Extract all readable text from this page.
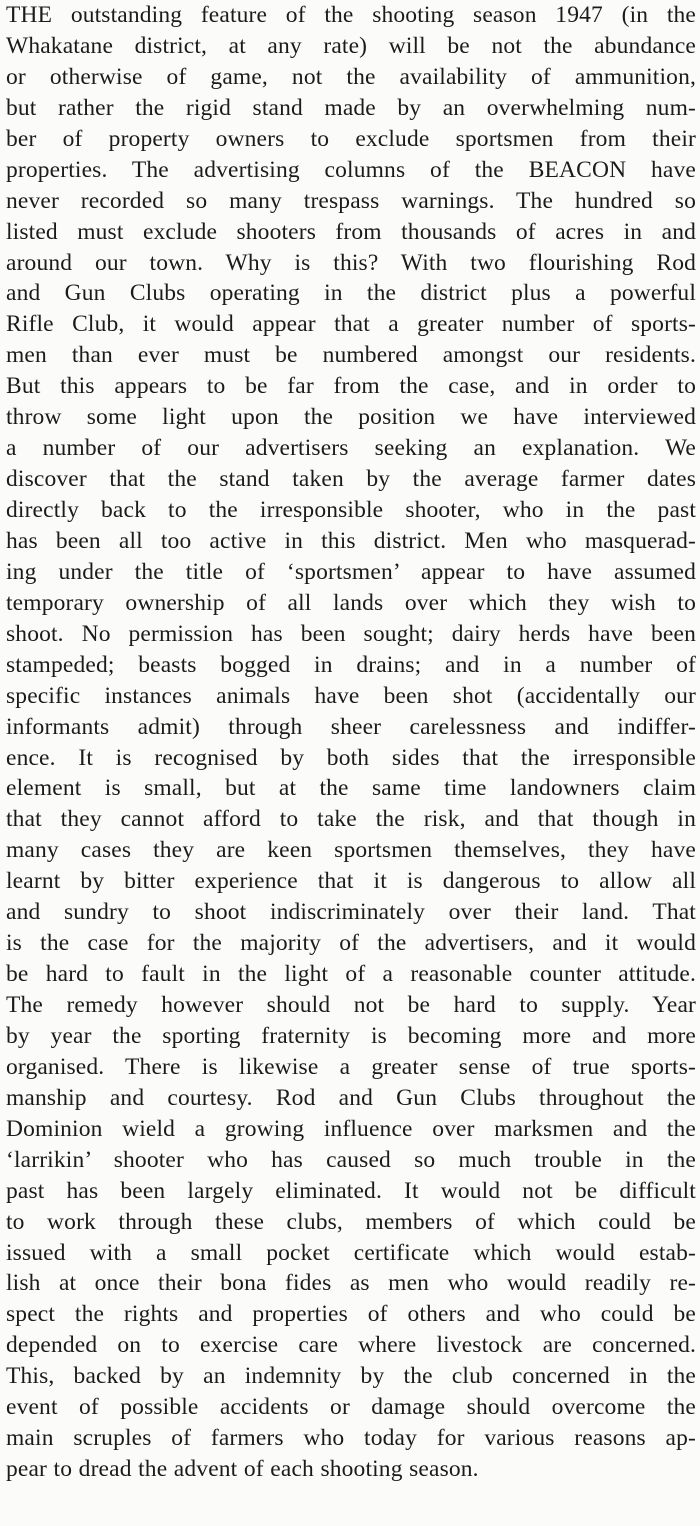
THE outstanding feature of the shooting season 1947 (in the
Whakatane district, at any rate) will be not the abundance
or otherwise of game, not the availability of ammunition,
but rather the rigid stand made by an overwhelming num-
ber of property owners to exclude sportsmen from their
properties. The advertising columns of the BEACON have
never recorded so many trespass warnings. The hundred so
listed must exclude shooters from thousands of acres in and
around our town. Why is this? With two flourishing Rod
and Gun Clubs operating in the district plus a powerful
Rifle Club, it would appear that a greater number of sports-
men than ever must be numbered amongst our residents.
But this appears to be far from the case, and in order to
throw some light upon the position we have interviewed
a number of our advertisers seeking an explanation. We
discover that the stand taken by the average farmer dates
directly back to the irresponsible shooter, who in the past
has been all too active in this district. Men who masquerad-
ing under the title of ‘sportsmen’ appear to have assumed
temporary ownership of all lands over which they wish to
shoot. No permission has been sought; dairy herds have been
stampeded; beasts bogged in drains; and in a number of
specific instances animals have been shot (accidentally our
informants admit) through sheer carelessness and indiffer-
ence. It is recognised by both sides that the irresponsible
element is small, but at the same time landowners claim
that they cannot afford to take the risk, and that though in
many cases they are keen sportsmen themselves, they have
learnt by bitter experience that it is dangerous to allow all
and sundry to shoot indiscriminately over their land. That
is the case for the majority of the advertisers, and it would
be hard to fault in the light of a reasonable counter attitude.
The remedy however should not be hard to supply. Year
by year the sporting fraternity is becoming more and more
organised. There is likewise a greater sense of true sports-
manship and courtesy. Rod and Gun Clubs throughout the
Dominion wield a growing influence over marksmen and the
‘larrikin’ shooter who has caused so much trouble in the
past has been largely eliminated. It would not be difficult
to work through these clubs, members of which could be
issued with a small pocket certificate which would estab-
lish at once their bona fides as men who would readily re-
spect the rights and properties of others and who could be
depended on to exercise care where livestock are concerned.
This, backed by an indemnity by the club concerned in the
event of possible accidents or damage should overcome the
main scruples of farmers who today for various reasons ap-
pear to dread the advent of each shooting season.
